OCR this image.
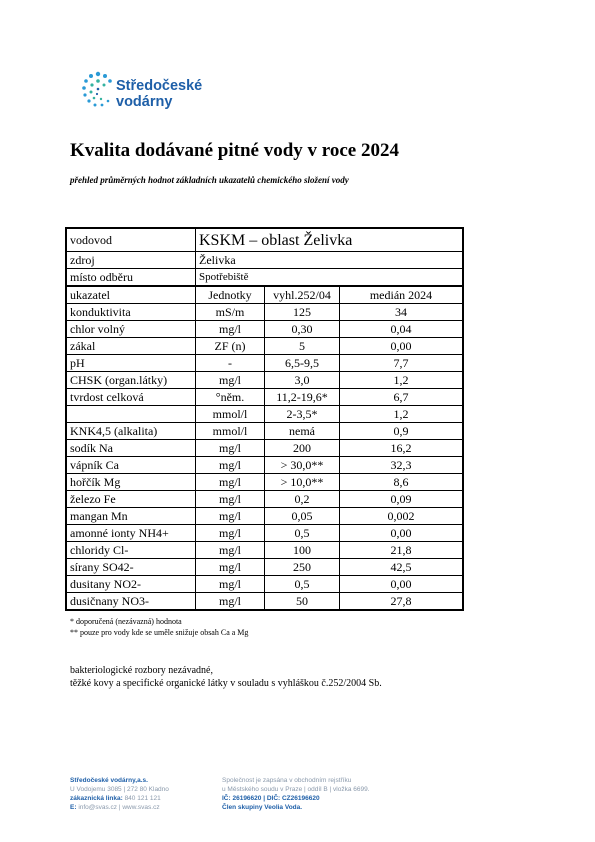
Středočeské
vodárny
Kvalita dodávané pitné vody v roce 2024
přehled průměrných hodnot základních ukazatelů chemického složení vody
vodovod	KSKM – oblast Želivka		
zdroj	Želivka		
místo odběru	Spotřebiště		
ukazatel	Jednotky	vyhl.252/04	medián 2024
konduktivita	mS/m	125	34
chlor volný	mg/l	0,30	0,04
zákal	ZF (n)	5	0,00
pH	-	6,5-9,5	7,7
CHSK (organ.látky)	mg/l	3,0	1,2
tvrdost celková	°něm.	11,2-19,6*	6,7
	mmol/l	2-3,5*	1,2
KNK4,5 (alkalita)	mmol/l	nemá	0,9
sodík Na	mg/l	200	16,2
vápník Ca	mg/l	> 30,0**	32,3
hořčík Mg	mg/l	> 10,0**	8,6
železo Fe	mg/l	0,2	0,09
mangan Mn	mg/l	0,05	0,002
amonné ionty NH4+	mg/l	0,5	0,00
chloridy Cl-	mg/l	100	21,8
sírany SO42-	mg/l	250	42,5
dusitany NO2-	mg/l	0,5	0,00
dusičnany NO3-	mg/l	50	27,8
* doporučená (nezávazná) hodnota
** pouze pro vody kde se uměle snižuje obsah Ca a Mg
bakteriologické rozbory nezávadné,
těžké kovy a specifické organické látky v souladu s vyhláškou č.252/2004 Sb.
Středočeské vodárny,a.s.
U Vodojemu 3085 | 272 80 Kladno
zákaznická linka: 840 121 121
E: info@svas.cz | www.svas.cz
Společnost je zapsána v obchodním rejstříku
u Městského soudu v Praze | oddíl B | vložka 6699.
IČ: 26196620 | DIČ: CZ26196620
Člen skupiny Veolia Voda.
